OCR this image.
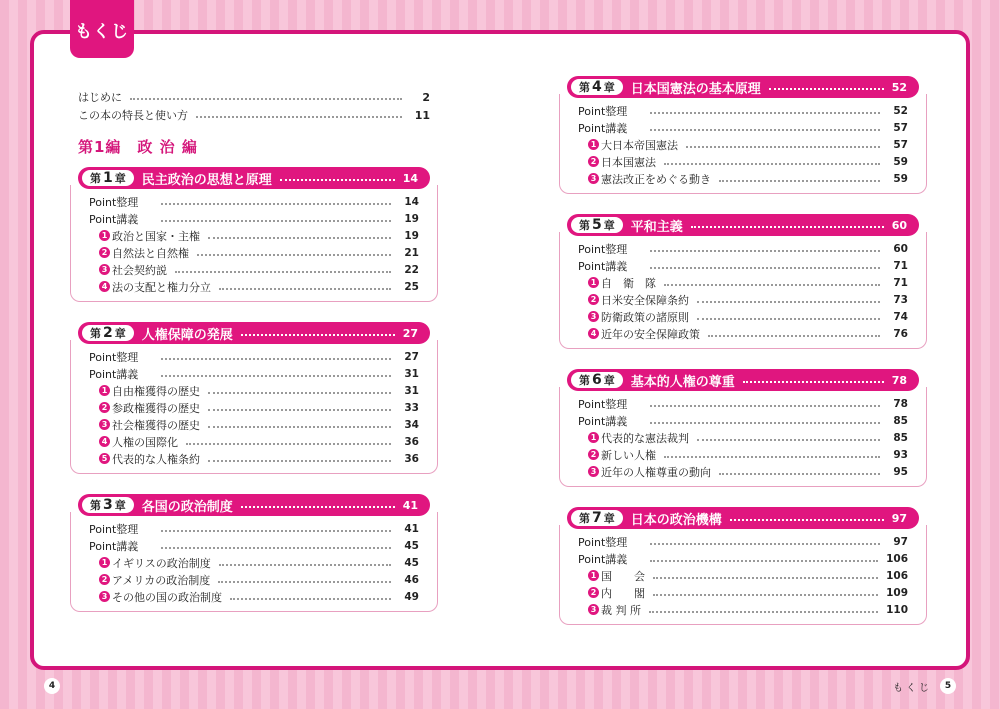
もくじ
はじめに	2
この本の特長と使い方	11
第1編　政 治 編
第 1 章 民主政治の思想と原理	14
Point整理	14
Point講義	19
1 政治と国家・主権	19
2 自然法と自然権	21
3 社会契約説	22
4 法の支配と権力分立	25
第 2 章 人権保障の発展	27
Point整理	27
Point講義	31
1 自由権獲得の歴史	31
2 参政権獲得の歴史	33
3 社会権獲得の歴史	34
4 人権の国際化	36
5 代表的な人権条約	36
第 3 章 各国の政治制度	41
Point整理	41
Point講義	45
1 イギリスの政治制度	45
2 アメリカの政治制度	46
3 その他の国の政治制度	49
第 4 章 日本国憲法の基本原理	52
Point整理	52
Point講義	57
1 大日本帝国憲法	57
2 日本国憲法	59
3 憲法改正をめぐる動き	59
第 5 章 平和主義	60
Point整理	60
Point講義	71
1 自　衛　隊	71
2 日米安全保障条約	73
3 防衛政策の諸原則	74
4 近年の安全保障政策	76
第 6 章 基本的人権の尊重	78
Point整理	78
Point講義	85
1 代表的な憲法裁判	85
2 新しい人権	93
3 近年の人権尊重の動向	95
第 7 章 日本の政治機構	97
Point整理	97
Point講義	106
1 国　　会	106
2 内　　閣	109
3 裁 判 所	110
4	もくじ	5
